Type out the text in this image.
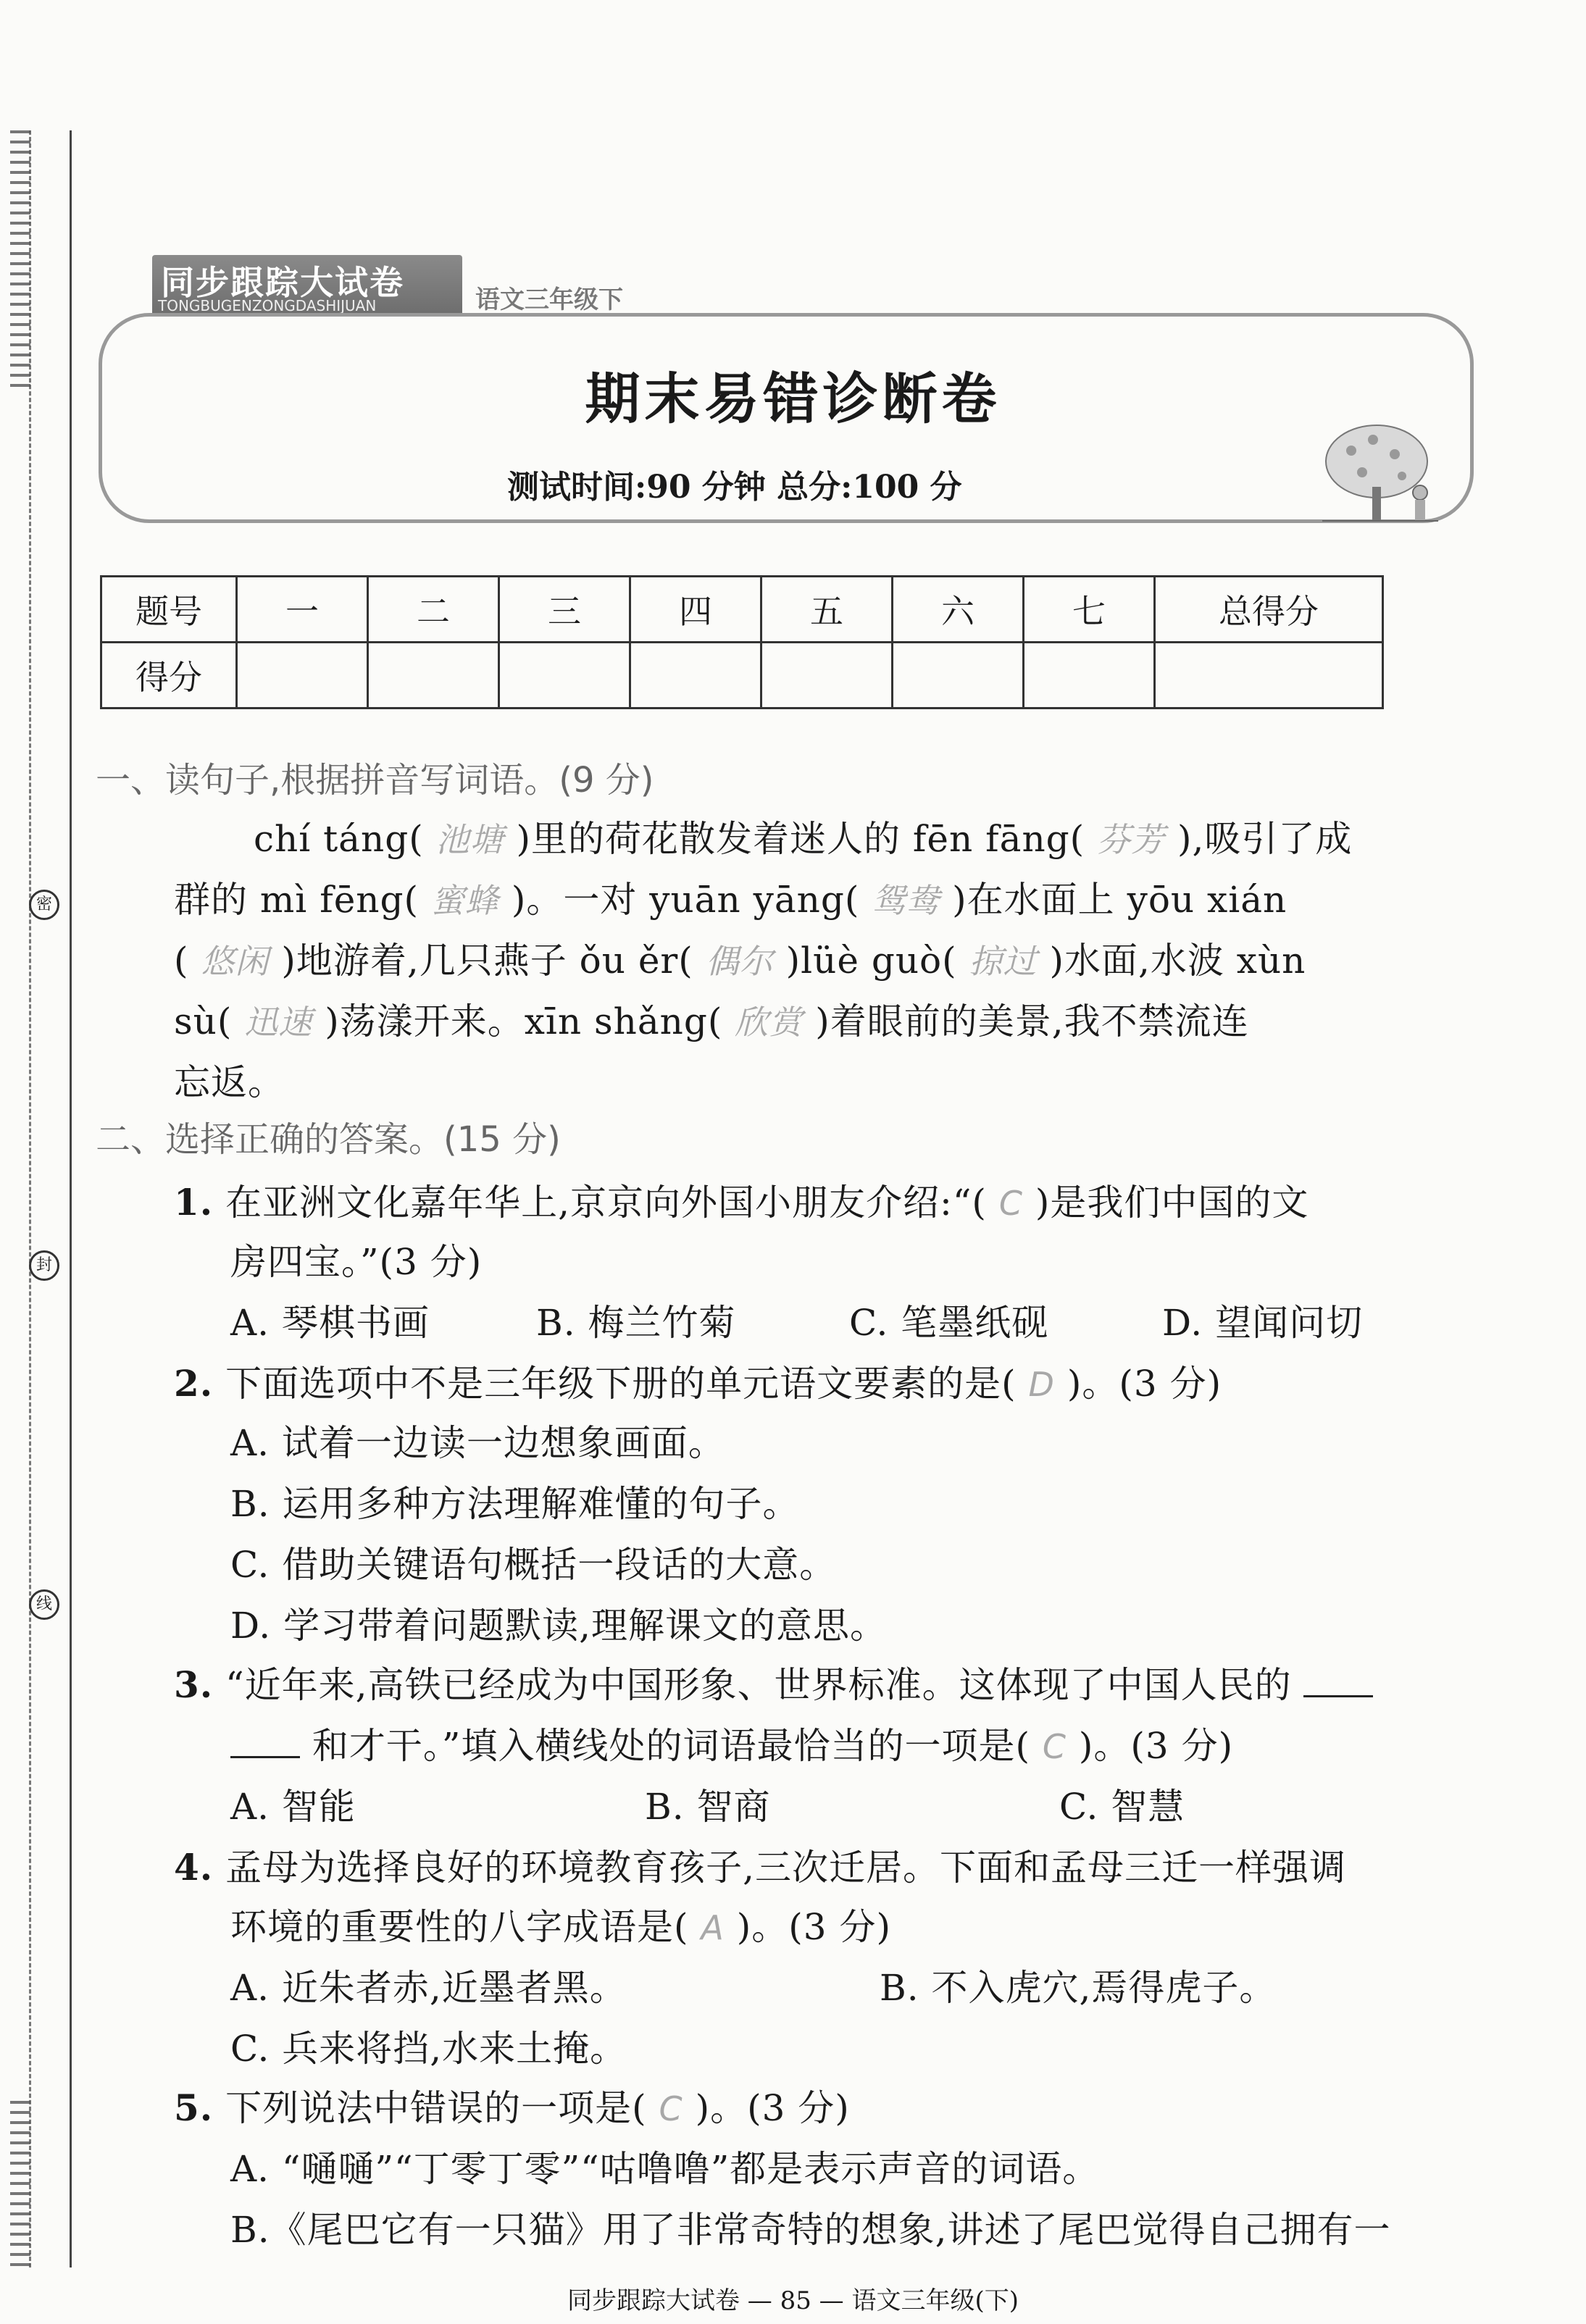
密
封
线
同步跟踪大试卷
TONGBUGENZONGDASHIJUAN	语文三年级下
期末易错诊断卷
测试时间:90 分钟 总分:100 分
题号	一	二	三	四	五	六	七	总得分
得分								
一、读句子,根据拼音写词语。(9 分)
chí táng( 池塘 )里的荷花散发着迷人的 fēn fāng( 芬芳 ),吸引了成
群的 mì fēng( 蜜蜂 )。一对 yuān yāng( 鸳鸯 )在水面上 yōu xián
( 悠闲 )地游着,几只燕子 ǒu ěr( 偶尔 )lüè guò( 掠过 )水面,水波 xùn
sù( 迅速 )荡漾开来。xīn shǎng( 欣赏 )着眼前的美景,我不禁流连
忘返。
二、选择正确的答案。(15 分)
1. 在亚洲文化嘉年华上,京京向外国小朋友介绍:“( C )是我们中国的文
房四宝。”(3 分)
A. 琴棋书画	B. 梅兰竹菊	C. 笔墨纸砚	D. 望闻问切
2. 下面选项中不是三年级下册的单元语文要素的是( D )。(3 分)
A. 试着一边读一边想象画面。
B. 运用多种方法理解难懂的句子。
C. 借助关键语句概括一段话的大意。
D. 学习带着问题默读,理解课文的意思。
3. “近年来,高铁已经成为中国形象、世界标准。这体现了中国人民的
和才干。”填入横线处的词语最恰当的一项是( C )。(3 分)
A. 智能	B. 智商	C. 智慧
4. 孟母为选择良好的环境教育孩子,三次迁居。下面和孟母三迁一样强调
环境的重要性的八字成语是( A )。(3 分)
A. 近朱者赤,近墨者黑。	B. 不入虎穴,焉得虎子。
C. 兵来将挡,水来土掩。
5. 下列说法中错误的一项是( C )。(3 分)
A. “嗵嗵”“丁零丁零”“咕噜噜”都是表示声音的词语。
B.《尾巴它有一只猫》用了非常奇特的想象,讲述了尾巴觉得自己拥有一
同步跟踪大试卷 — 85 — 语文三年级(下)
